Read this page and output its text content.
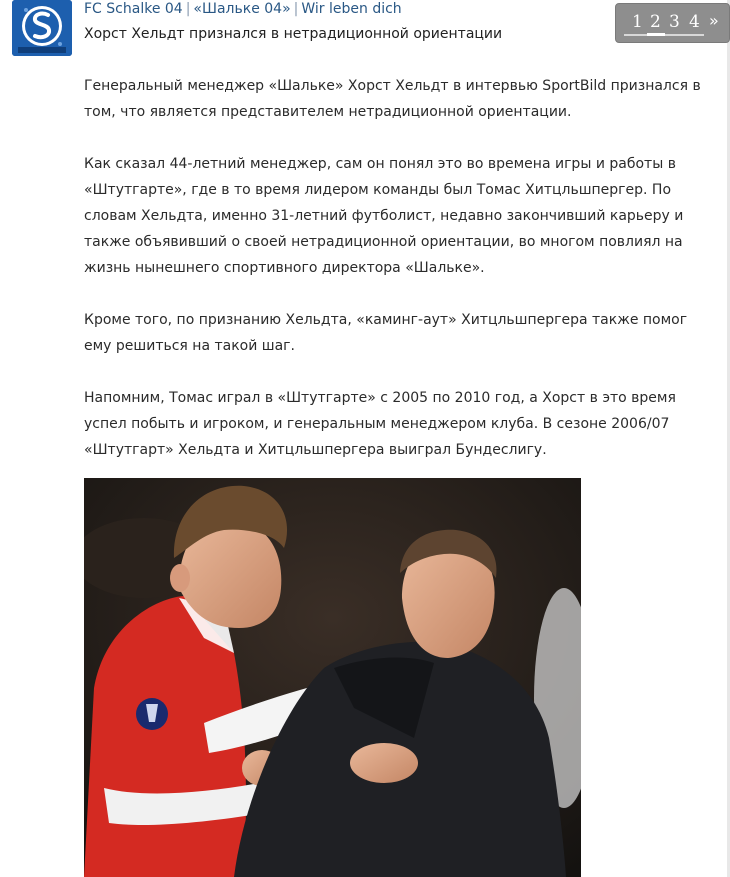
FC Schalke 04 | «Шальке 04» | Wir leben dich
Хорст Хельдт признался в нетрадиционной ориентации
1 2 3 4 »

Генеральный менеджер «Шальке» Хорст Хельдт в интервью SportBild признался в том, что является представителем нетрадиционной ориентации.

Как сказал 44-летний менеджер, сам он понял это во времена игры и работы в «Штутгарте», где в то время лидером команды был Томас Хитцльшпергер. По словам Хельдта, именно 31-летний футболист, недавно закончивший карьеру и также объявивший о своей нетрадиционной ориентации, во многом повлиял на жизнь нынешнего спортивного директора «Шальке».

Кроме того, по признанию Хельдта, «каминг-аут» Хитцльшпергера также помог ему решиться на такой шаг.

Напомним, Томас играл в «Штутгарте» с 2005 по 2010 год, а Хорст в это время успел побыть и игроком, и генеральным менеджером клуба. В сезоне 2006/07 «Штутгарт» Хельдта и Хитцльшпергера выиграл Бундеслигу.
